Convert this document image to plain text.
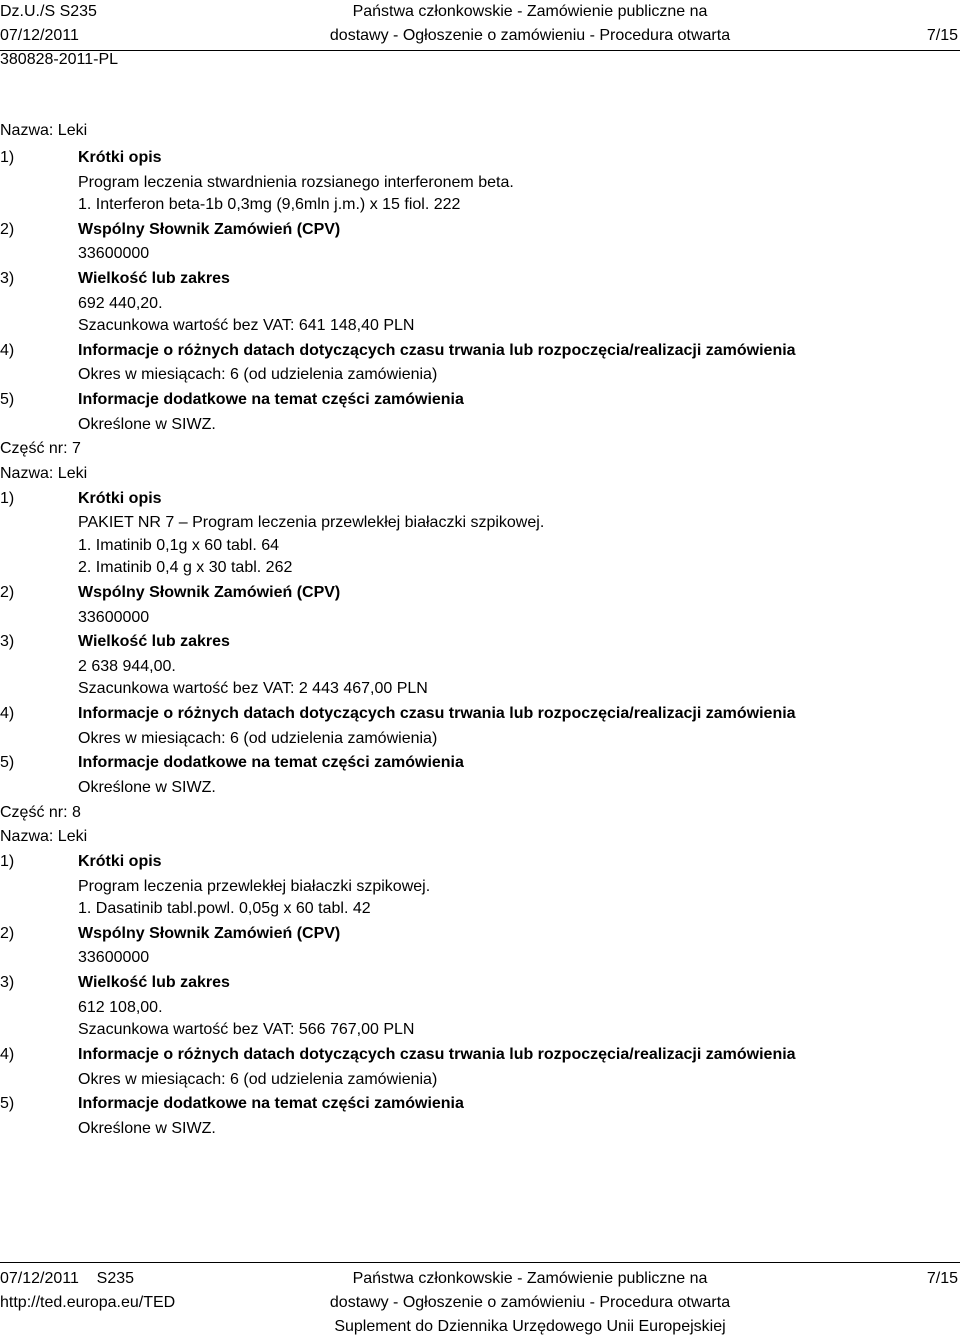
Dz.U./S S235
07/12/2011
380828-2011-PL
Państwa członkowskie - Zamówienie publiczne na
dostawy - Ogłoszenie o zamówieniu - Procedura otwarta	7/15
Nazwa: Leki
1)	Krótki opis
Program leczenia stwardnienia rozsianego interferonem beta.
1. Interferon beta-1b 0,3mg (9,6mln j.m.) x 15 fiol. 222
2)	Wspólny Słownik Zamówień (CPV)
33600000
3)	Wielkość lub zakres
692 440,20.
Szacunkowa wartość bez VAT: 641 148,40 PLN
4)	Informacje o różnych datach dotyczących czasu trwania lub rozpoczęcia/realizacji zamówienia
Okres w miesiącach: 6 (od udzielenia zamówienia)
5)	Informacje dodatkowe na temat części zamówienia
Określone w SIWZ.
Część nr: 7
Nazwa: Leki
1)	Krótki opis
PAKIET NR 7 – Program leczenia przewlekłej białaczki szpikowej.
1. Imatinib 0,1g x 60 tabl. 64
2. Imatinib 0,4 g x 30 tabl. 262
2)	Wspólny Słownik Zamówień (CPV)
33600000
3)	Wielkość lub zakres
2 638 944,00.
Szacunkowa wartość bez VAT: 2 443 467,00 PLN
4)	Informacje o różnych datach dotyczących czasu trwania lub rozpoczęcia/realizacji zamówienia
Okres w miesiącach: 6 (od udzielenia zamówienia)
5)	Informacje dodatkowe na temat części zamówienia
Określone w SIWZ.
Część nr: 8
Nazwa: Leki
1)	Krótki opis
Program leczenia przewlekłej białaczki szpikowej.
1. Dasatinib tabl.powl. 0,05g x 60 tabl. 42
2)	Wspólny Słownik Zamówień (CPV)
33600000
3)	Wielkość lub zakres
612 108,00.
Szacunkowa wartość bez VAT: 566 767,00 PLN
4)	Informacje o różnych datach dotyczących czasu trwania lub rozpoczęcia/realizacji zamówienia
Okres w miesiącach: 6 (od udzielenia zamówienia)
5)	Informacje dodatkowe na temat części zamówienia
Określone w SIWZ.
07/12/2011 S235
http://ted.europa.eu/TED
Państwa członkowskie - Zamówienie publiczne na
dostawy - Ogłoszenie o zamówieniu - Procedura otwarta
Suplement do Dziennika Urzędowego Unii Europejskiej
7/15
